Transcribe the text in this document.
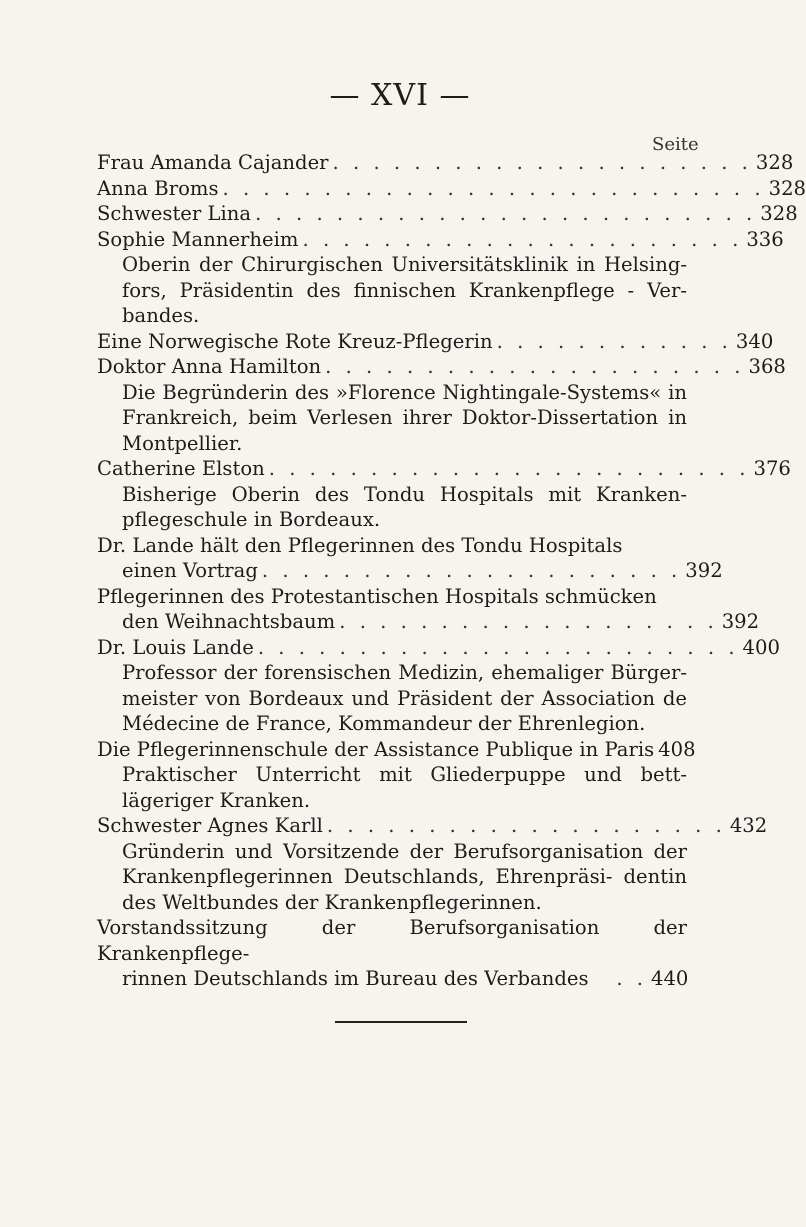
— XVI —
Seite
Frau Amanda Cajander . . . . . . . . . . . . . . . . . . . . . 328
Anna Broms . . . . . . . . . . . . . . . . . . . . . . . . . . . 328
Schwester Lina . . . . . . . . . . . . . . . . . . . . . . . . . 328
Sophie Mannerheim . . . . . . . . . . . . . . . . . . . . . . 336
Oberin der Chirurgischen Universitätsklinik in Helsing- fors, Präsidentin des finnischen Krankenpflege - Ver- bandes.
Eine Norwegische Rote Kreuz-Pflegerin . . . . . . . . . . . . 340
Doktor Anna Hamilton . . . . . . . . . . . . . . . . . . . . . 368
Die Begründerin des »Florence Nightingale-Systems« in Frankreich, beim Verlesen ihrer Doktor-Dissertation in Montpellier.
Catherine Elston . . . . . . . . . . . . . . . . . . . . . . . . 376
Bisherige Oberin des Tondu Hospitals mit Kranken- pflegeschule in Bordeaux.
Dr. Lande hält den Pflegerinnen des Tondu Hospitals
einen Vortrag . . . . . . . . . . . . . . . . . . . . . 392
Pflegerinnen des Protestantischen Hospitals schmücken
den Weihnachtsbaum . . . . . . . . . . . . . . . . . . . 392
Dr. Louis Lande . . . . . . . . . . . . . . . . . . . . . . . . 400
Professor der forensischen Medizin, ehemaliger Bürger- meister von Bordeaux und Präsident der Association de Médecine de France, Kommandeur der Ehrenlegion.
Die Pflegerinnenschule der Assistance Publique in Paris 408
Praktischer Unterricht mit Gliederpuppe und bett- lägeriger Kranken.
Schwester Agnes Karll . . . . . . . . . . . . . . . . . . . . 432
Gründerin und Vorsitzende der Berufsorganisation der Krankenpflegerinnen Deutschlands, Ehrenpräsi- dentin des Weltbundes der Krankenpflegerinnen.
Vorstandssitzung der Berufsorganisation der Krankenpflege-
rinnen Deutschlands im Bureau des Verbandes	. . 440
